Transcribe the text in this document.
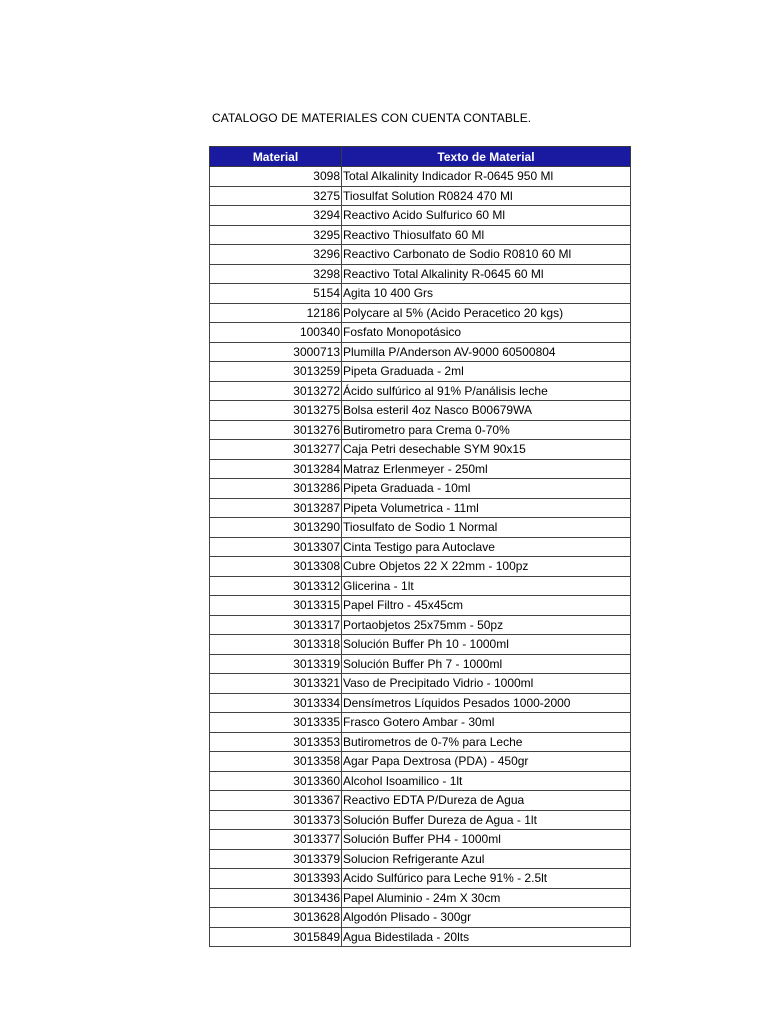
CATALOGO DE MATERIALES CON CUENTA CONTABLE.
Material	Texto de Material
3098	Total Alkalinity Indicador R-0645 950 Ml
3275	Tiosulfat Solution R0824 470 Ml
3294	Reactivo Acido Sulfurico 60 Ml
3295	Reactivo Thiosulfato 60 Ml
3296	Reactivo Carbonato de Sodio R0810 60 Ml
3298	Reactivo Total Alkalinity R-0645 60 Ml
5154	Agita 10 400 Grs
12186	Polycare al 5% (Acido Peracetico 20 kgs)
100340	Fosfato Monopotásico
3000713	Plumilla P/Anderson AV-9000 60500804
3013259	Pipeta Graduada - 2ml
3013272	Ácido sulfúrico al 91% P/análisis leche
3013275	Bolsa esteril 4oz Nasco B00679WA
3013276	Butirometro para Crema 0-70%
3013277	Caja Petri desechable SYM 90x15
3013284	Matraz Erlenmeyer - 250ml
3013286	Pipeta Graduada - 10ml
3013287	Pipeta Volumetrica - 11ml
3013290	Tiosulfato de Sodio 1 Normal
3013307	Cinta Testigo para Autoclave
3013308	Cubre Objetos 22 X 22mm - 100pz
3013312	Glicerina - 1lt
3013315	Papel Filtro - 45x45cm
3013317	Portaobjetos 25x75mm - 50pz
3013318	Solución Buffer Ph 10 - 1000ml
3013319	Solución Buffer Ph 7 - 1000ml
3013321	Vaso de Precipitado Vidrio - 1000ml
3013334	Densímetros Líquidos Pesados 1000-2000
3013335	Frasco Gotero Ambar - 30ml
3013353	Butirometros de 0-7% para Leche
3013358	Agar Papa Dextrosa (PDA) - 450gr
3013360	Alcohol Isoamilico - 1lt
3013367	Reactivo EDTA P/Dureza de Agua
3013373	Solución Buffer Dureza de Agua - 1lt
3013377	Solución Buffer PH4 - 1000ml
3013379	Solucion Refrigerante Azul
3013393	Acido Sulfúrico para Leche 91% - 2.5lt
3013436	Papel Aluminio - 24m X 30cm
3013628	Algodón Plisado - 300gr
3015849	Agua Bidestilada - 20lts
